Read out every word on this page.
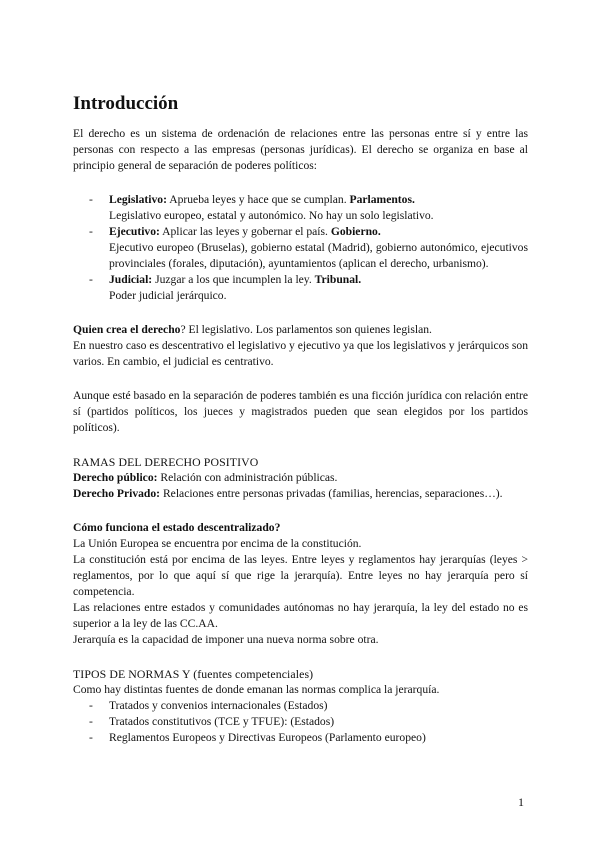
Introducción

El derecho es un sistema de ordenación de relaciones entre las personas entre sí y entre las personas con respecto a las empresas (personas jurídicas). El derecho se organiza en base al principio general de separación de poderes políticos:

- Legislativo: Aprueba leyes y hace que se cumplan. Parlamentos.
Legislativo europeo, estatal y autonómico. No hay un solo legislativo.
- Ejecutivo: Aplicar las leyes y gobernar el país. Gobierno.
Ejecutivo europeo (Bruselas), gobierno estatal (Madrid), gobierno autonómico, ejecutivos provinciales (forales, diputación), ayuntamientos (aplican el derecho, urbanismo).
- Judicial: Juzgar a los que incumplen la ley. Tribunal.
Poder judicial jerárquico.

Quien crea el derecho? El legislativo. Los parlamentos son quienes legislan.

En nuestro caso es descentrativo el legislativo y ejecutivo ya que los legislativos y jerárquicos son varios. En cambio, el judicial es centrativo.

Aunque esté basado en la separación de poderes también es una ficción jurídica con relación entre sí (partidos políticos, los jueces y magistrados pueden que sean elegidos por los partidos políticos).

RAMAS DEL DERECHO POSITIVO

Derecho público: Relación con administración públicas.

Derecho Privado: Relaciones entre personas privadas (familias, herencias, separaciones…).

Cómo funciona el estado descentralizado?

La Unión Europea se encuentra por encima de la constitución.

La constitución está por encima de las leyes. Entre leyes y reglamentos hay jerarquías (leyes > reglamentos, por lo que aquí sí que rige la jerarquía). Entre leyes no hay jerarquía pero sí competencia.

Las relaciones entre estados y comunidades autónomas no hay jerarquía, la ley del estado no es superior a la ley de las CC.AA.

Jerarquía es la capacidad de imponer una nueva norma sobre otra.

TIPOS DE NORMAS Y (fuentes competenciales)

Como hay distintas fuentes de donde emanan las normas complica la jerarquía.

- Tratados y convenios internacionales (Estados)
- Tratados constitutivos (TCE y TFUE): (Estados)
- Reglamentos Europeos y Directivas Europeos (Parlamento europeo)
1
